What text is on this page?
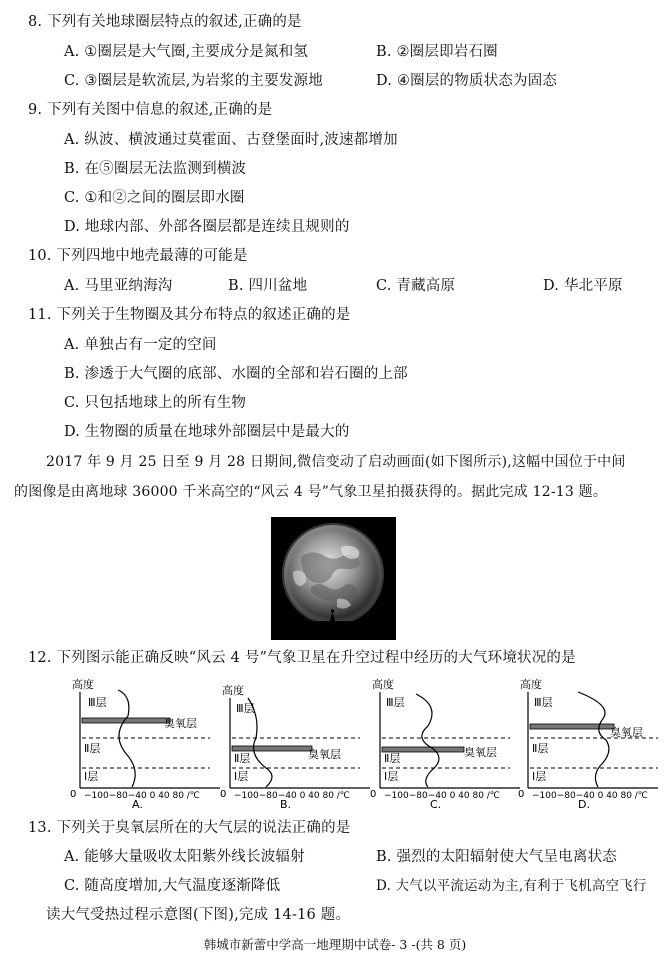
8. 下列有关地球圈层特点的叙述,正确的是
A. ①圈层是大气圈,主要成分是氮和氢	B. ②圈层即岩石圈
C. ③圈层是软流层,为岩浆的主要发源地	D. ④圈层的物质状态为固态
9. 下列有关图中信息的叙述,正确的是
A. 纵波、横波通过莫霍面、古登堡面时,波速都增加
B. 在⑤圈层无法监测到横波
C. ①和②之间的圈层即水圈
D. 地球内部、外部各圈层都是连续且规则的
10. 下列四地中地壳最薄的可能是
A. 马里亚纳海沟	B. 四川盆地	C. 青藏高原	D. 华北平原
11. 下列关于生物圈及其分布特点的叙述正确的是
A. 单独占有一定的空间
B. 渗透于大气圈的底部、水圈的全部和岩石圈的上部
C. 只包括地球上的所有生物
D. 生物圈的质量在地球外部圈层中是最大的
2017 年 9 月 25 日至 9 月 28 日期间,微信变动了启动画面(如下图所示),这幅中国位于中间
的图像是由离地球 36000 千米高空的“风云 4 号”气象卫星拍摄获得的。据此完成 12-13 题。
12. 下列图示能正确反映“风云 4 号”气象卫星在升空过程中经历的大气环境状况的是
高度
Ⅲ层
臭氧层
Ⅱ层
Ⅰ层
0 −100−80−40 0 40 80 /℃
A.
高度
Ⅲ层
臭氧层
Ⅱ层
Ⅰ层
0 −100−80−40 0 40 80 /℃
B.
高度
Ⅲ层
臭氧层
Ⅱ层
Ⅰ层
0 −100−80−40 0 40 80 /℃
C.
高度
Ⅲ层
臭氧层
Ⅱ层
Ⅰ层
0 −100−80−40 0 40 80 /℃
D.
13. 下列关于臭氧层所在的大气层的说法正确的是
A. 能够大量吸收太阳紫外线长波辐射	B. 强烈的太阳辐射使大气呈电离状态
C. 随高度增加,大气温度逐渐降低	D. 大气以平流运动为主,有利于飞机高空飞行
读大气受热过程示意图(下图),完成 14-16 题。
韩城市新蕾中学高一地理期中试卷- 3 -(共 8 页)
